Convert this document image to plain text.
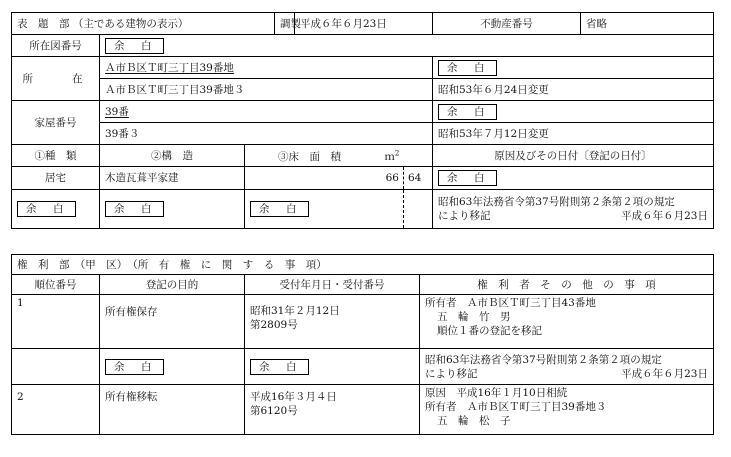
表　題　部 （主である建物の表示）			調製	平成６年６月23日	不動産番号	省略
所在図番号	余　白					
所　　在	Ａ市Ｂ区Ｔ町三丁目39番地				余　白	
	Ａ市Ｂ区Ｔ町三丁目39番地３				昭和53年６月24日変更	
家屋番号	39番				余　白	
	39番３				昭和53年７月12日変更	
①種　類	②構　造	③床　面　積 ｍ$^2$			原因及びその日付〔登記の日付〕	
居宅	木造瓦葺平家建	66 64			余　白	
余　白	余　白	余　白			昭和63年法務省令第37号附則第２条第２項の規定
により移記 平成６年６月23日	
権　利　部　（甲　区）　（所　有　権　に　関　す　る　事　項）			
順位番号	登記の目的	受付年月日・受付番号	権　利　者　そ　の　他　の　事　項
1	所有権保存	昭和31年２月12日
第2809号	所有者　Ａ市Ｂ区Ｔ町三丁目43番地
五　輪　竹　男
順位１番の登記を移記

	余　白	余　白	昭和63年法務省令第37号附則第２条第２項の規定
により移記 平成６年６月23日

2	所有権移転	平成16年３月４日
第6120号	原因　平成16年１月10日相続
所有者　Ａ市Ｂ区Ｔ町三丁目39番地３
五　輪　松　子
